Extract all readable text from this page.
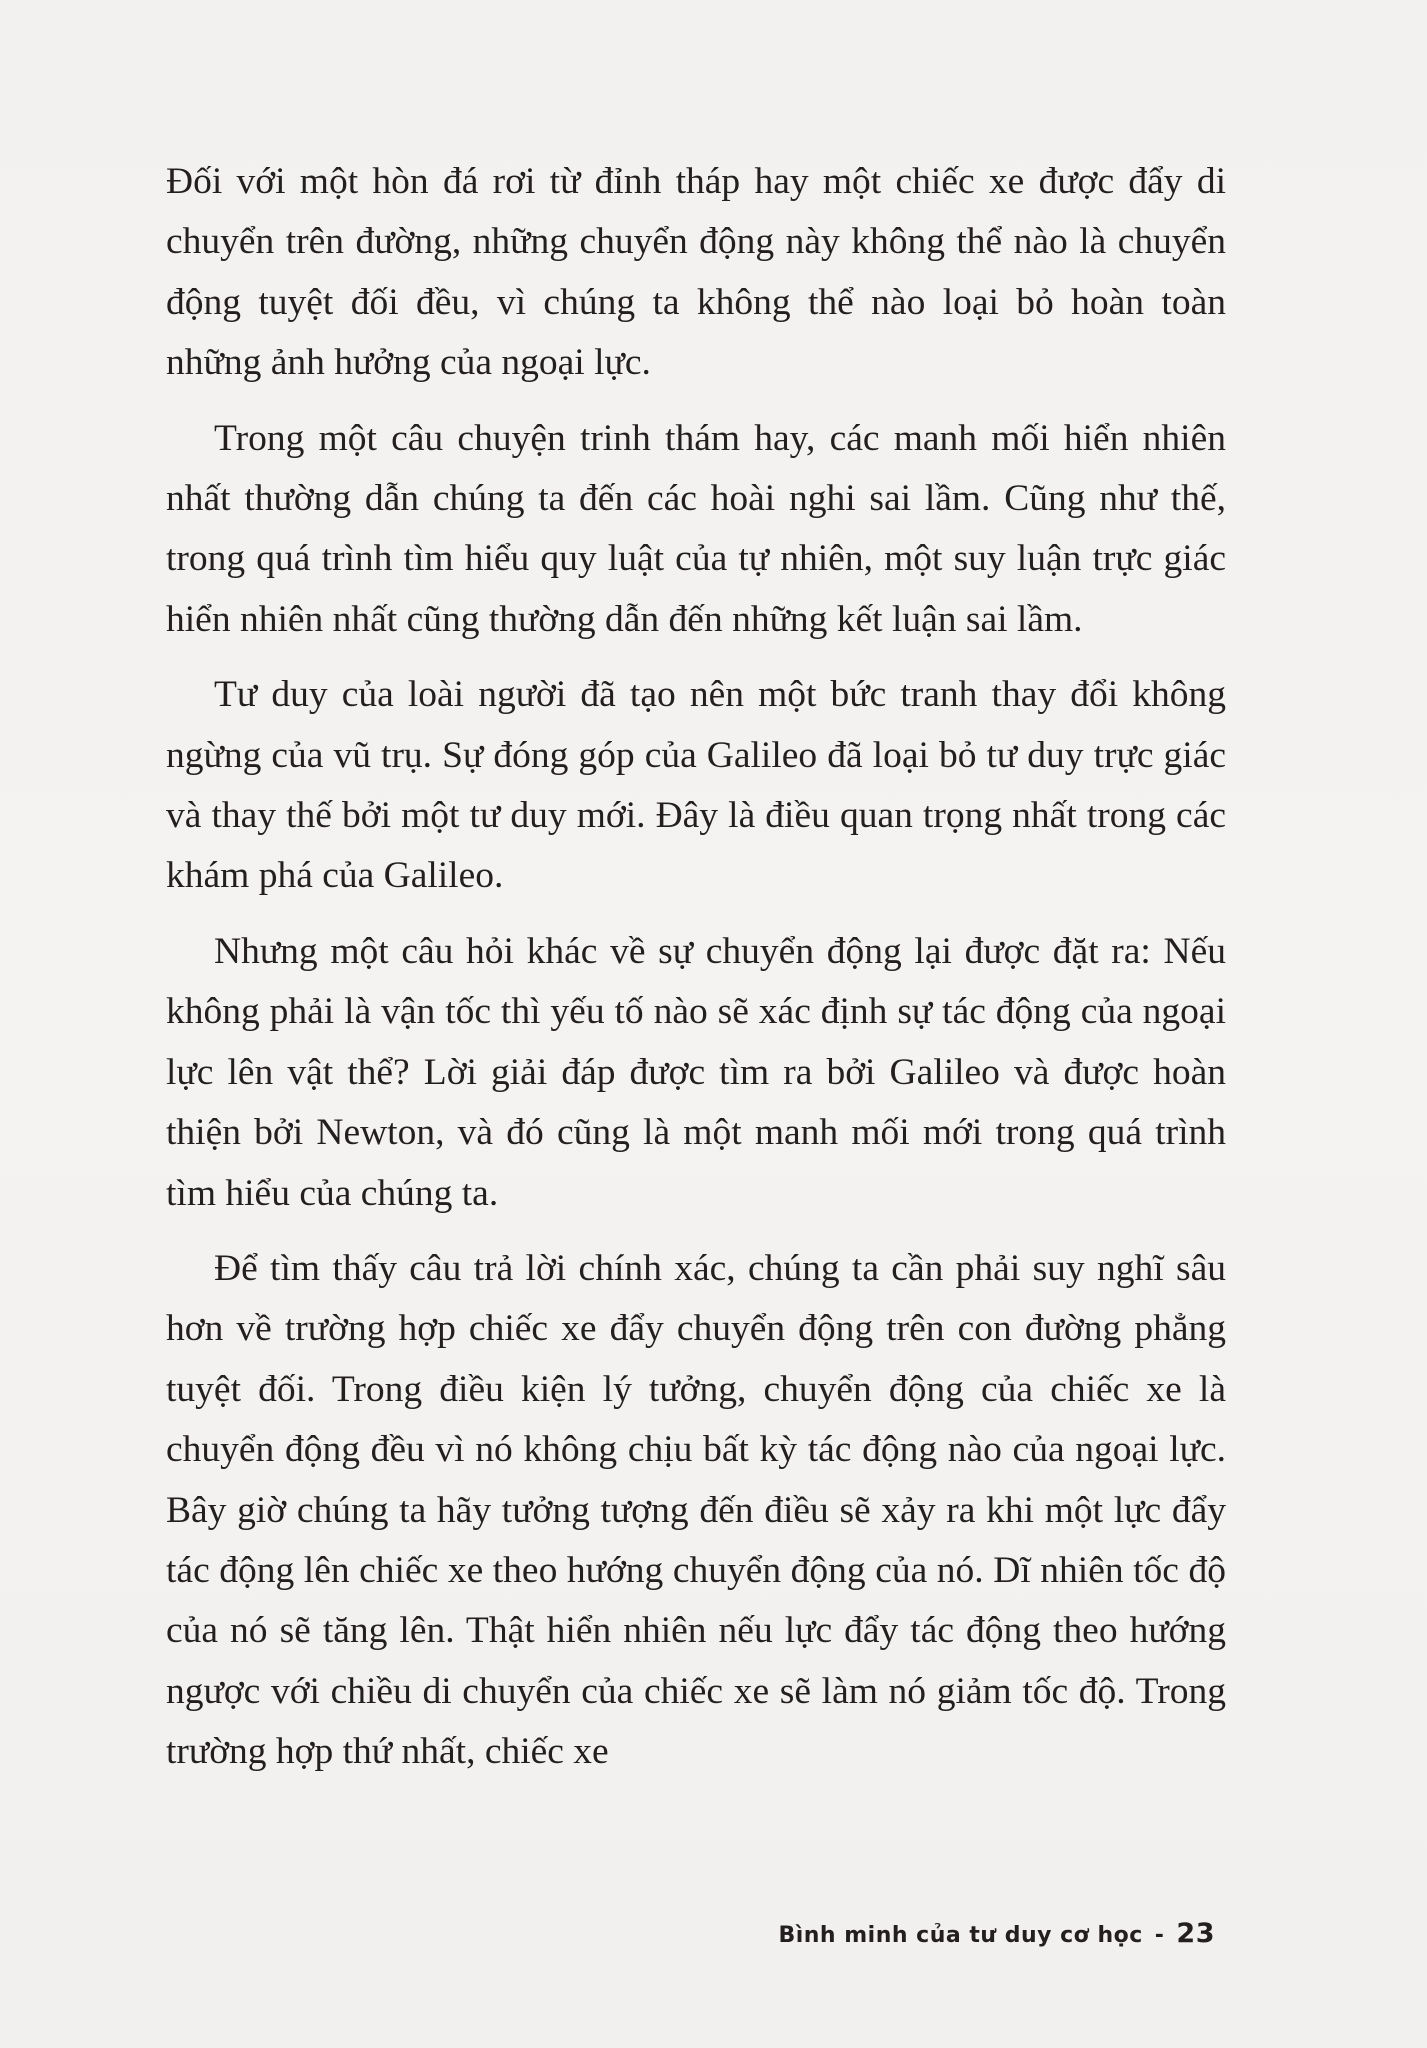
Đối với một hòn đá rơi từ đỉnh tháp hay một chiếc xe được đẩy di chuyển trên đường, những chuyển động này không thể nào là chuyển động tuyệt đối đều, vì chúng ta không thể nào loại bỏ hoàn toàn những ảnh hưởng của ngoại lực.

Trong một câu chuyện trinh thám hay, các manh mối hiển nhiên nhất thường dẫn chúng ta đến các hoài nghi sai lầm. Cũng như thế, trong quá trình tìm hiểu quy luật của tự nhiên, một suy luận trực giác hiển nhiên nhất cũng thường dẫn đến những kết luận sai lầm.

Tư duy của loài người đã tạo nên một bức tranh thay đổi không ngừng của vũ trụ. Sự đóng góp của Galileo đã loại bỏ tư duy trực giác và thay thế bởi một tư duy mới. Đây là điều quan trọng nhất trong các khám phá của Galileo.

Nhưng một câu hỏi khác về sự chuyển động lại được đặt ra: Nếu không phải là vận tốc thì yếu tố nào sẽ xác định sự tác động của ngoại lực lên vật thể? Lời giải đáp được tìm ra bởi Galileo và được hoàn thiện bởi Newton, và đó cũng là một manh mối mới trong quá trình tìm hiểu của chúng ta.

Để tìm thấy câu trả lời chính xác, chúng ta cần phải suy nghĩ sâu hơn về trường hợp chiếc xe đẩy chuyển động trên con đường phẳng tuyệt đối. Trong điều kiện lý tưởng, chuyển động của chiếc xe là chuyển động đều vì nó không chịu bất kỳ tác động nào của ngoại lực. Bây giờ chúng ta hãy tưởng tượng đến điều sẽ xảy ra khi một lực đẩy tác động lên chiếc xe theo hướng chuyển động của nó. Dĩ nhiên tốc độ của nó sẽ tăng lên. Thật hiển nhiên nếu lực đẩy tác động theo hướng ngược với chiều di chuyển của chiếc xe sẽ làm nó giảm tốc độ. Trong trường hợp thứ nhất, chiếc xe

Bình minh của tư duy cơ học - 23
